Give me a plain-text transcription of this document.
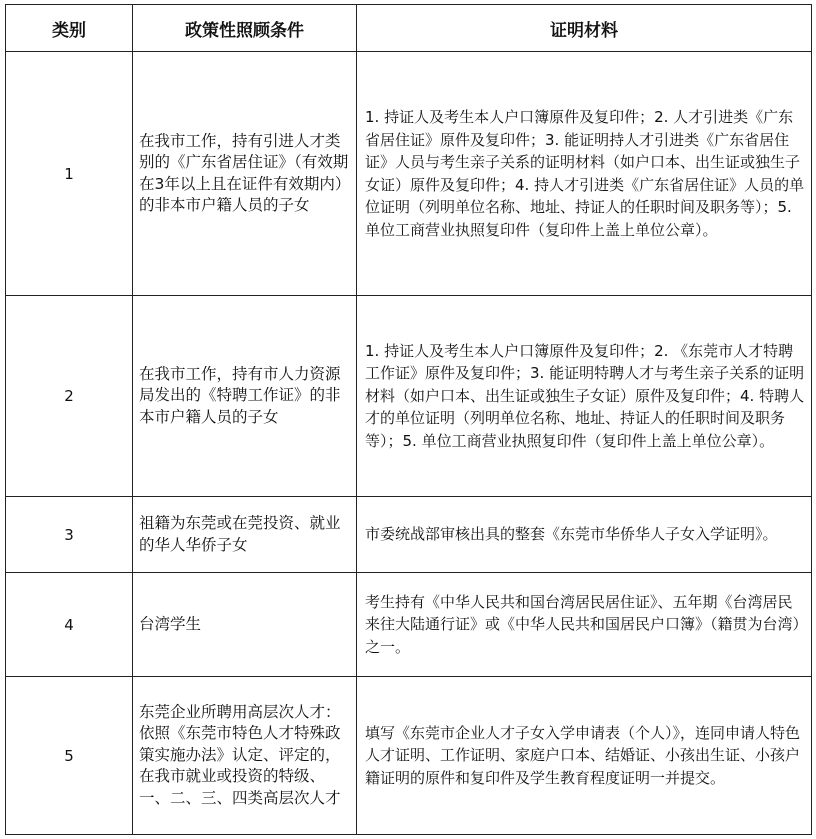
类别	政策性照顾条件	证明材料
1	在我市工作，持有引进人才类别的《广东省居住证》（有效期在3年以上且在证件有效期内）的非本市户籍人员的子女	1. 持证人及考生本人户口簿原件及复印件；2. 人才引进类《广东省居住证》原件及复印件；3. 能证明持人才引进类《广东省居住证》人员与考生亲子关系的证明材料（如户口本、出生证或独生子女证）原件及复印件；4. 持人才引进类《广东省居住证》人员的单位证明（列明单位名称、地址、持证人的任职时间及职务等）；5. 单位工商营业执照复印件（复印件上盖上单位公章）。
2	在我市工作，持有市人力资源局发出的《特聘工作证》的非本市户籍人员的子女	1. 持证人及考生本人户口簿原件及复印件；2. 《东莞市人才特聘工作证》原件及复印件；3. 能证明特聘人才与考生亲子关系的证明材料（如户口本、出生证或独生子女证）原件及复印件；4. 特聘人才的单位证明（列明单位名称、地址、持证人的任职时间及职务等）；5. 单位工商营业执照复印件（复印件上盖上单位公章）。
3	祖籍为东莞或在莞投资、就业的华人华侨子女	市委统战部审核出具的整套《东莞市华侨华人子女入学证明》。
4	台湾学生	考生持有《中华人民共和国台湾居民居住证》、五年期《台湾居民来往大陆通行证》或《中华人民共和国居民户口簿》（籍贯为台湾）之一。
5	东莞企业所聘用高层次人才：依照《东莞市特色人才特殊政策实施办法》认定、评定的，在我市就业或投资的特级、一、二、三、四类高层次人才	填写《东莞市企业人才子女入学申请表（个人）》，连同申请人特色人才证明、工作证明、家庭户口本、结婚证、小孩出生证、小孩户籍证明的原件和复印件及学生教育程度证明一并提交。
